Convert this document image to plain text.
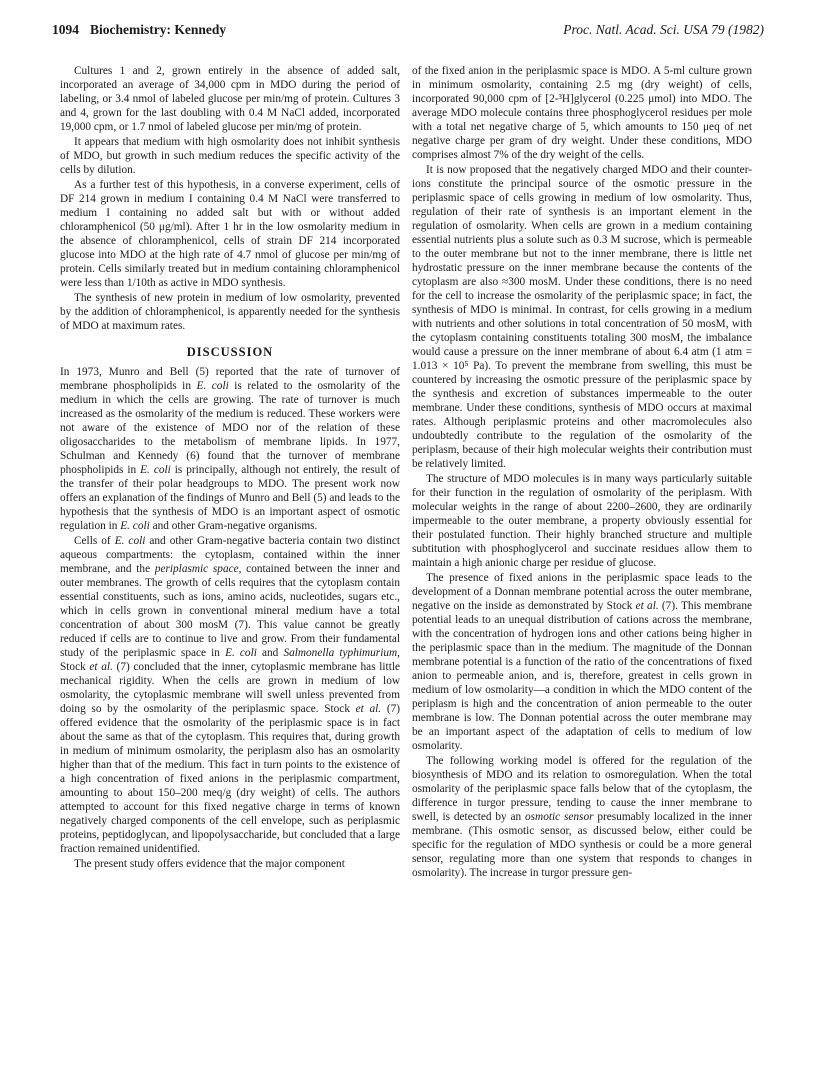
1094 Biochemistry: Kennedy	Proc. Natl. Acad. Sci. USA 79 (1982)

Cultures 1 and 2, grown entirely in the absence of added salt, incorporated an average of 34,000 cpm in MDO during the period of labeling, or 3.4 nmol of labeled glucose per min/mg of protein. Cultures 3 and 4, grown for the last doubling with 0.4 M NaCl added, incorporated 19,000 cpm, or 1.7 nmol of labeled glucose per min/mg of protein.

It appears that medium with high osmolarity does not inhibit synthesis of MDO, but growth in such medium reduces the specific activity of the cells by dilution.

As a further test of this hypothesis, in a converse experiment, cells of DF 214 grown in medium I containing 0.4 M NaCl were transferred to medium I containing no added salt but with or without added chloramphenicol (50 μg/ml). After 1 hr in the low osmolarity medium in the absence of chloramphenicol, cells of strain DF 214 incorporated glucose into MDO at the high rate of 4.7 nmol of glucose per min/mg of protein. Cells similarly treated but in medium containing chloramphenicol were less than 1/10th as active in MDO synthesis.

The synthesis of new protein in medium of low osmolarity, prevented by the addition of chloramphenicol, is apparently needed for the synthesis of MDO at maximum rates.

DISCUSSION

In 1973, Munro and Bell (5) reported that the rate of turnover of membrane phospholipids in E. coli is related to the osmolarity of the medium in which the cells are growing. The rate of turnover is much increased as the osmolarity of the medium is reduced. These workers were not aware of the existence of MDO nor of the relation of these oligosaccharides to the metabolism of membrane lipids. In 1977, Schulman and Kennedy (6) found that the turnover of membrane phospholipids in E. coli is principally, although not entirely, the result of the transfer of their polar headgroups to MDO. The present work now offers an explanation of the findings of Munro and Bell (5) and leads to the hypothesis that the synthesis of MDO is an important aspect of osmotic regulation in E. coli and other Gram-negative organisms.

Cells of E. coli and other Gram-negative bacteria contain two distinct aqueous compartments: the cytoplasm, contained within the inner membrane, and the periplasmic space, contained between the inner and outer membranes. The growth of cells requires that the cytoplasm contain essential constituents, such as ions, amino acids, nucleotides, sugars etc., which in cells grown in conventional mineral medium have a total concentration of about 300 mosM (7). This value cannot be greatly reduced if cells are to continue to live and grow. From their fundamental study of the periplasmic space in E. coli and Salmonella typhimurium, Stock et al. (7) concluded that the inner, cytoplasmic membrane has little mechanical rigidity. When the cells are grown in medium of low osmolarity, the cytoplasmic membrane will swell unless prevented from doing so by the osmolarity of the periplasmic space. Stock et al. (7) offered evidence that the osmolarity of the periplasmic space is in fact about the same as that of the cytoplasm. This requires that, during growth in medium of minimum osmolarity, the periplasm also has an osmolarity higher than that of the medium. This fact in turn points to the existence of a high concentration of fixed anions in the periplasmic compartment, amounting to about 150–200 meq/g (dry weight) of cells. The authors attempted to account for this fixed negative charge in terms of known negatively charged components of the cell envelope, such as periplasmic proteins, peptidoglycan, and lipopolysaccharide, but concluded that a large fraction remained unidentified.

The present study offers evidence that the major component

of the fixed anion in the periplasmic space is MDO. A 5-ml culture grown in minimum osmolarity, containing 2.5 mg (dry weight) of cells, incorporated 90,000 cpm of [2-³H]glycerol (0.225 μmol) into MDO. The average MDO molecule contains three phosphoglycerol residues per mole with a total net negative charge of 5, which amounts to 150 μeq of net negative charge per gram of dry weight. Under these conditions, MDO comprises almost 7% of the dry weight of the cells.

It is now proposed that the negatively charged MDO and their counter-ions constitute the principal source of the osmotic pressure in the periplasmic space of cells growing in medium of low osmolarity. Thus, regulation of their rate of synthesis is an important element in the regulation of osmolarity. When cells are grown in a medium containing essential nutrients plus a solute such as 0.3 M sucrose, which is permeable to the outer membrane but not to the inner membrane, there is little net hydrostatic pressure on the inner membrane because the contents of the cytoplasm are also ≈300 mosM. Under these conditions, there is no need for the cell to increase the osmolarity of the periplasmic space; in fact, the synthesis of MDO is minimal. In contrast, for cells growing in a medium with nutrients and other solutions in total concentration of 50 mosM, with the cytoplasm containing constituents totaling 300 mosM, the imbalance would cause a pressure on the inner membrane of about 6.4 atm (1 atm = 1.013 × 10⁵ Pa). To prevent the membrane from swelling, this must be countered by increasing the osmotic pressure of the periplasmic space by the synthesis and excretion of substances impermeable to the outer membrane. Under these conditions, synthesis of MDO occurs at maximal rates. Although periplasmic proteins and other macromolecules also undoubtedly contribute to the regulation of the osmolarity of the periplasm, because of their high molecular weights their contribution must be relatively limited.

The structure of MDO molecules is in many ways particularly suitable for their function in the regulation of osmolarity of the periplasm. With molecular weights in the range of about 2200–2600, they are ordinarily impermeable to the outer membrane, a property obviously essential for their postulated function. Their highly branched structure and multiple subtitution with phosphoglycerol and succinate residues allow them to maintain a high anionic charge per residue of glucose.

The presence of fixed anions in the periplasmic space leads to the development of a Donnan membrane potential across the outer membrane, negative on the inside as demonstrated by Stock et al. (7). This membrane potential leads to an unequal distribution of cations across the membrane, with the concentration of hydrogen ions and other cations being higher in the periplasmic space than in the medium. The magnitude of the Donnan membrane potential is a function of the ratio of the concentrations of fixed anion to permeable anion, and is, therefore, greatest in cells grown in medium of low osmolarity—a condition in which the MDO content of the periplasm is high and the concentration of anion permeable to the outer membrane is low. The Donnan potential across the outer membrane may be an important aspect of the adaptation of cells to medium of low osmolarity.

The following working model is offered for the regulation of the biosynthesis of MDO and its relation to osmoregulation. When the total osmolarity of the periplasmic space falls below that of the cytoplasm, the difference in turgor pressure, tending to cause the inner membrane to swell, is detected by an osmotic sensor presumably localized in the inner membrane. (This osmotic sensor, as discussed below, either could be specific for the regulation of MDO synthesis or could be a more general sensor, regulating more than one system that responds to changes in osmolarity). The increase in turgor pressure gen-
